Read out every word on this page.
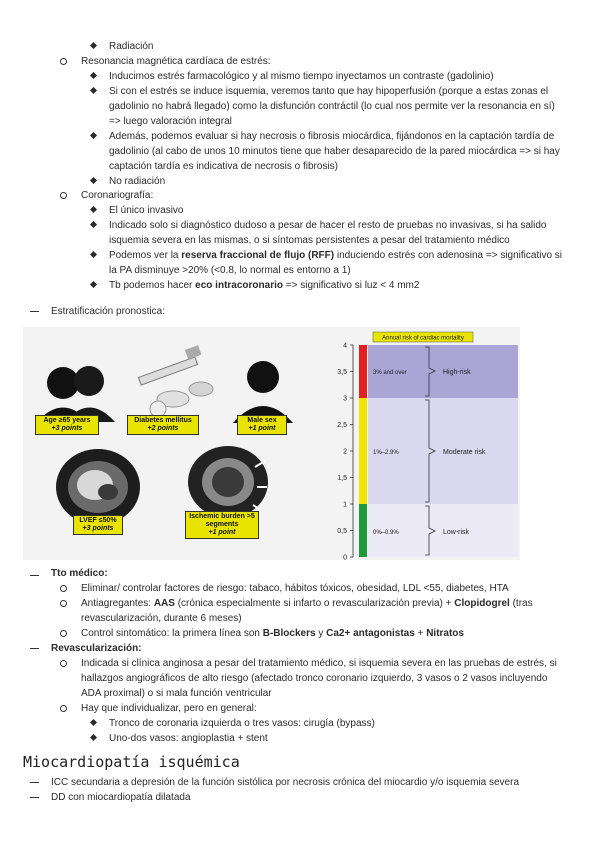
Radiación
Resonancia magnética cardíaca de estrés:
Inducimos estrés farmacológico y al mismo tiempo inyectamos un contraste (gadolinio)
Si con el estrés se induce isquemia, veremos tanto que hay hipoperfusión (porque a estas zonas el
gadolinio no habrá llegado) como la disfunción contráctil (lo cual nos permite ver la resonancia en sí)
=> luego valoración integral
Además, podemos evaluar si hay necrosis o fibrosis miocárdica, fijándonos en la captación tardía de
gadolinio (al cabo de unos 10 minutos tiene que haber desaparecido de la pared miocárdica => si hay
captación tardía es indicativa de necrosis o fibrosis)
No radiación
Coronariografía:
El único invasivo
Indicado solo si diagnóstico dudoso a pesar de hacer el resto de pruebas no invasivas, si ha salido
isquemia severa en las mismas, o si síntomas persistentes a pesar del tratamiento médico
Podemos ver la reserva fraccional de flujo (RFF) induciendo estrés con adenosina => significativo si
la PA disminuye >20% (<0.8, lo normal es entorno a 1)
Tb podemos hacer eco intracoronario => significativo si luz < 4 mm2
Estratificación pronostica:
Age ≥65 years
+3 points
Diabetes mellitus
+2 points
Male sex
+1 point
LVEF ≤50%
+3 points
Ischemic burden >5 segments
+1 point
Annual risk of cardiac mortality
4
3,5
3
2,5
2
1,5
1
0,5
0
3% and over	High-risk
1%–2.9%	Moderate risk
0%–0.9%	Low-risk
Tto médico:
Eliminar/ controlar factores de riesgo: tabaco, hábitos tóxicos, obesidad, LDL <55, diabetes, HTA
Antiagregantes: AAS (crónica especialmente si infarto o revascularización previa) + Clopidogrel (tras
revascularización, durante 6 meses)
Control sintomático: la primera línea son B-Blockers y Ca2+ antagonistas + Nitratos
Revascularización:
Indicada si clínica anginosa a pesar del tratamiento médico, si isquemia severa en las pruebas de estrés, si
hallazgos angiográficos de alto riesgo (afectado tronco coronario izquierdo, 3 vasos o 2 vasos incluyendo
ADA proximal) o si mala función ventricular
Hay que individualizar, pero en general:
Tronco de coronaria izquierda o tres vasos: cirugía (bypass)
Uno-dos vasos: angioplastia + stent
Miocardiopatía isquémica
ICC secundaria a depresión de la función sistólica por necrosis crónica del miocardio y/o isquemia severa
DD con miocardiopatía dilatada
